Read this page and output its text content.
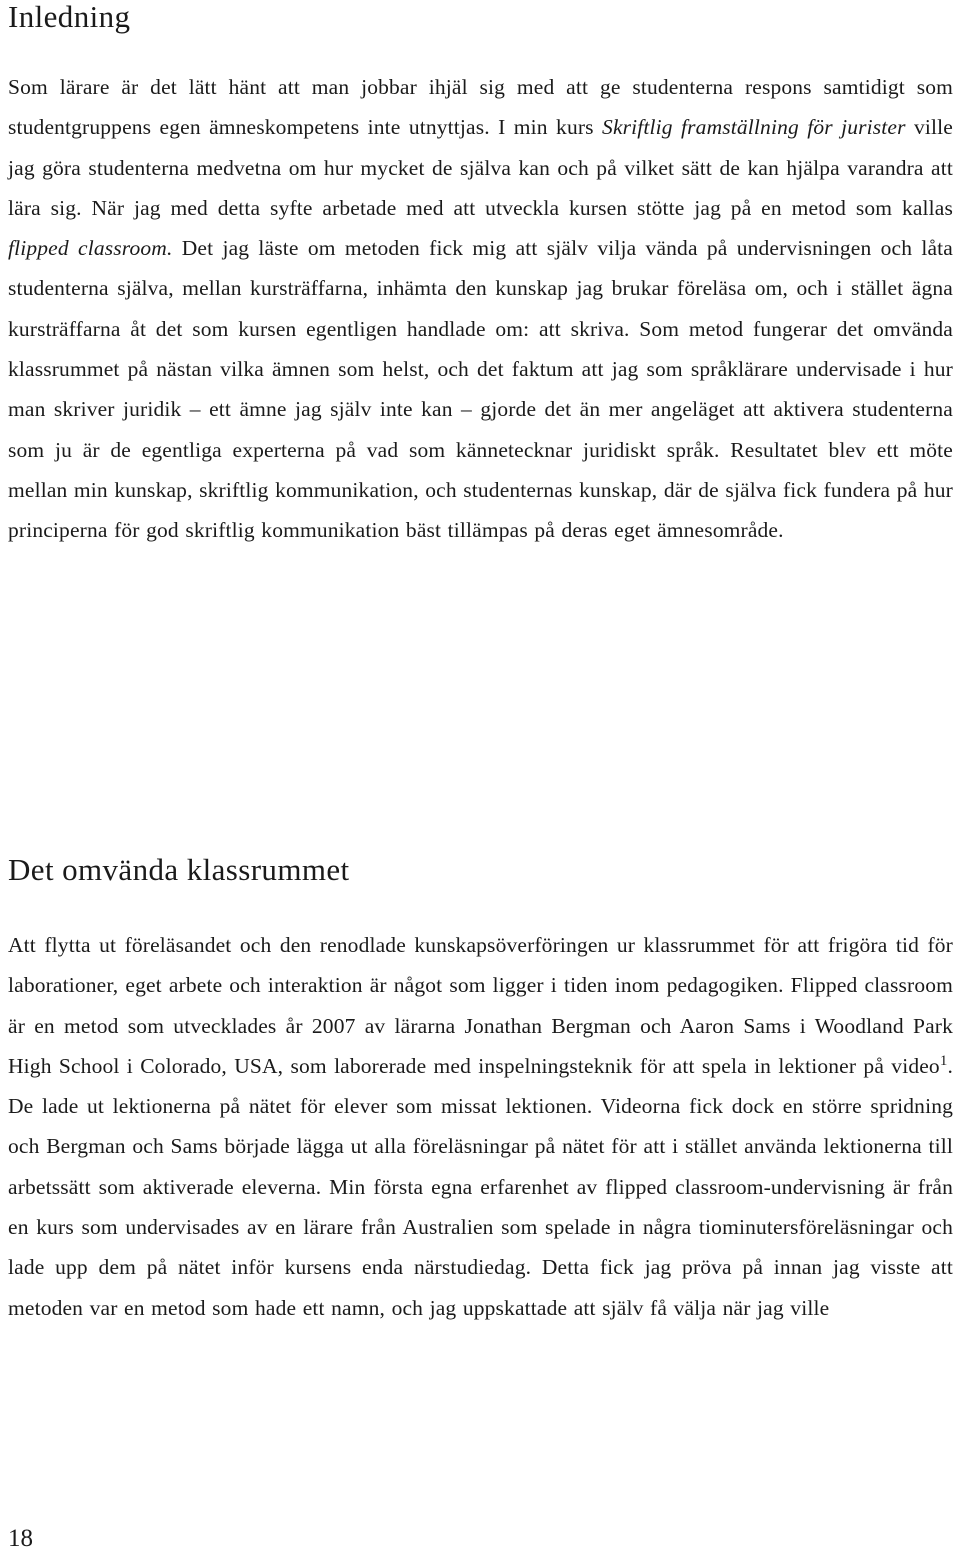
Inledning

Som lärare är det lätt hänt att man jobbar ihjäl sig med att ge studenterna respons samtidigt som studentgruppens egen ämneskompetens inte utnyttjas. I min kurs Skriftlig framställning för jurister ville jag göra studenterna medvetna om hur mycket de själva kan och på vilket sätt de kan hjälpa varandra att lära sig. När jag med detta syfte arbetade med att utveckla kursen stötte jag på en metod som kallas flipped classroom. Det jag läste om metoden fick mig att själv vilja vända på undervisningen och låta studenterna själva, mellan kursträffarna, inhämta den kunskap jag brukar föreläsa om, och i stället ägna kursträffarna åt det som kursen egentligen handlade om: att skriva. Som metod fungerar det omvända klassrummet på nästan vilka ämnen som helst, och det faktum att jag som språklärare undervisade i hur man skriver juridik – ett ämne jag själv inte kan – gjorde det än mer angeläget att aktivera studenterna som ju är de egentliga experterna på vad som kännetecknar juridiskt språk. Resultatet blev ett möte mellan min kunskap, skriftlig kommunikation, och studenternas kunskap, där de själva fick fundera på hur principerna för god skriftlig kommunikation bäst tillämpas på deras eget ämnesområde.

Det omvända klassrummet

Att flytta ut föreläsandet och den renodlade kunskapsöverföringen ur klassrummet för att frigöra tid för laborationer, eget arbete och interaktion är något som ligger i tiden inom pedagogiken. Flipped classroom är en metod som utvecklades år 2007 av lärarna Jonathan Bergman och Aaron Sams i Woodland Park High School i Colorado, USA, som laborerade med inspelningsteknik för att spela in lektioner på video$^1$. De lade ut lektionerna på nätet för elever som missat lektionen. Videorna fick dock en större spridning och Bergman och Sams började lägga ut alla föreläsningar på nätet för att i stället använda lektionerna till arbetssätt som aktiverade eleverna. Min första egna erfarenhet av flipped classroom-undervisning är från en kurs som undervisades av en lärare från Australien som spelade in några tiominutersföreläsningar och lade upp dem på nätet inför kursens enda närstudiedag. Detta fick jag pröva på innan jag visste att metoden var en metod som hade ett namn, och jag uppskattade att själv få välja när jag ville

18
